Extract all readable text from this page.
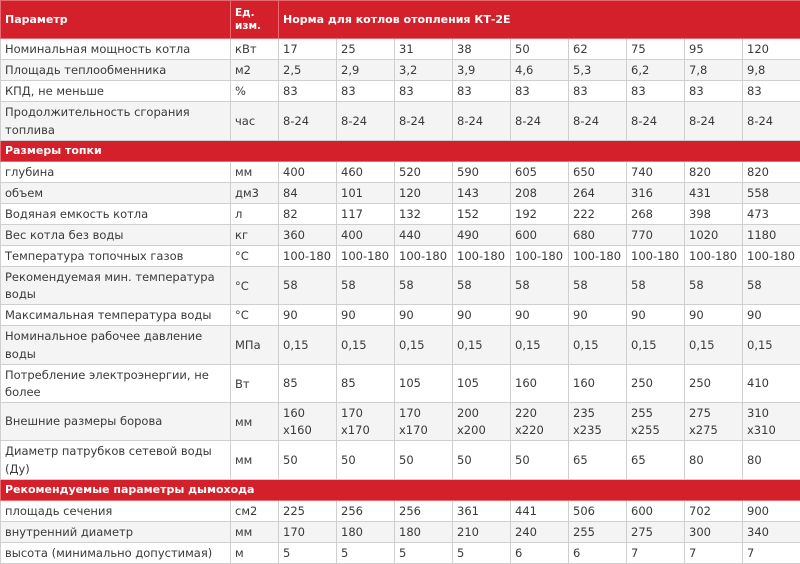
Параметр	Ед. изм.	Норма для котлов отопления КТ-2Е								
Номинальная мощность котла	кВт	17	25	31	38	50	62	75	95	120
Площадь теплообменника	м2	2,5	2,9	3,2	3,9	4,6	5,3	6,2	7,8	9,8
КПД, не меньше	%	83	83	83	83	83	83	83	83	83
Продолжительность сгорания топлива	час	8-24	8-24	8-24	8-24	8-24	8-24	8-24	8-24	8-24
Размеры топки										
глубина	мм	400	460	520	590	605	650	740	820	820
объем	дм3	84	101	120	143	208	264	316	431	558
Водяная емкость котла	л	82	117	132	152	192	222	268	398	473
Вес котла без воды	кг	360	400	440	490	600	680	770	1020	1180
Температура топочных газов	°C	100-180	100-180	100-180	100-180	100-180	100-180	100-180	100-180	100-180
Рекомендуемая мин. температура воды	°C	58	58	58	58	58	58	58	58	58
Максимальная температура воды	°C	90	90	90	90	90	90	90	90	90
Номинальное рабочее давление воды	МПа	0,15	0,15	0,15	0,15	0,15	0,15	0,15	0,15	0,15
Потребление электроэнергии, не более	Вт	85	85	105	105	160	160	250	250	410
Внешние размеры борова	мм	160 x160	170 x170	170 x170	200 x200	220 x220	235 x235	255 x255	275 x275	310 x310
Диаметр патрубков сетевой воды (Ду)	мм	50	50	50	50	50	65	65	80	80
Рекомендуемые параметры дымохода										
площадь сечения	см2	225	256	256	361	441	506	600	702	900
внутренний диаметр	мм	170	180	180	210	240	255	275	300	340
высота (минимально допустимая)	м	5	5	5	5	6	6	7	7	7
